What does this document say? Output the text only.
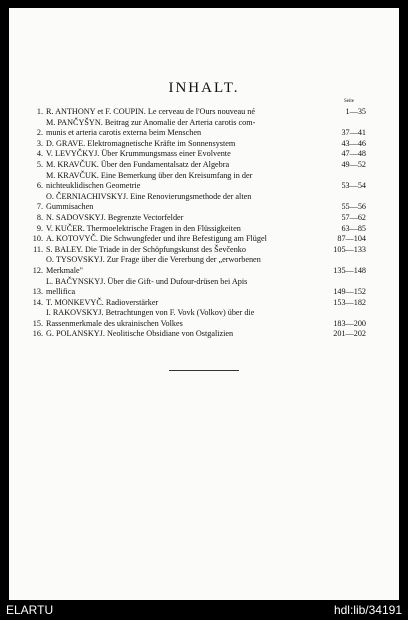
INHALT.
Seite
1. R. ANTHONY et F. COUPIN. Le cerveau de l'Ours nouveau né	1—35
2.
M. PANČYŠYN. Beitrag zur Anomalie der Arteria carotis com-
munis et arteria carotis externa beim Menschen	37—41
3. D. GRAVE. Elektromagnetische Kräfte im Sonnensystem	43—46
4. V. LEVYČKYJ. Über Krummungsmass einer Evolvente	47—48
5. M. KRAVČUK. Über den Fundamentalsatz der Algebra	49—52
6.
M. KRAVČUK. Eine Bemerkung über den Kreisumfang in der
nichteuklidischen Geometrie	53—54
7.
O. ČERNIACHIVSKYJ. Eine Renovierungsmethode der alten
Gummisachen	55—56
8. N. SADOVSKYJ. Begrenzte Vectorfelder	57—62
9. V. KUČER. Thermoelektrische Fragen in den Flüssigkeiten	63—85
10. A. KOTOVYČ. Die Schwungfeder und ihre Befestigung am Flügel	87—104
11. S. BALEY. Die Triade in der Schöpfungskunst des Ševčenko	105—133
12.
O. TYSOVSKYJ. Zur Frage über die Vererbung der „erworbenen
Merkmale"	135—148
13.
L. BAČYNSKYJ. Über die Gift- und Dufour-drüsen bei Apis
mellifica	149—152
14. T. MONKEVYČ. Radioverstärker	153—182
15.
I. RAKOVSKYJ. Betrachtungen von F. Vovk (Volkov) über die
Rassenmerkmale des ukrainischen Volkes	183—200
16. G. POLANSKYJ. Neolitische Obsidiane von Ostgalizien	201—202
ELARTU	hdl:lib/34191
